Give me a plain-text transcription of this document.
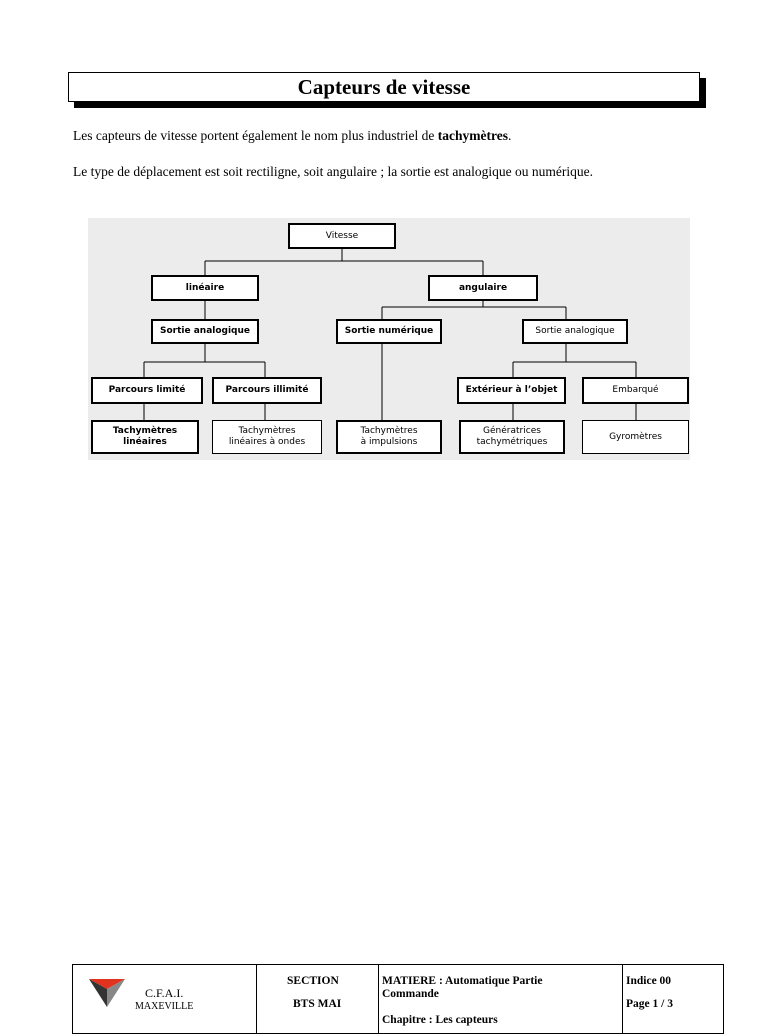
Capteurs de vitesse
Les capteurs de vitesse portent également le nom plus industriel de tachymètres.
Le type de déplacement est soit rectiligne, soit angulaire ; la sortie est analogique ou numérique.
Vitesse
linéaire	angulaire
Sortie analogique	Sortie numérique	Sortie analogique
Parcours limité	Parcours illimité	Extérieur à l’objet	Embarqué
Tachymètres
linéaires
Tachymètres
linéaires à ondes
Tachymètres
à impulsions
Génératrices
tachymétriques
Gyromètres
C.F.A.I.
MAXEVILLE
SECTION
BTS MAI
MATIERE : Automatique Partie
Commande
Chapitre : Les capteurs
Indice 00
Page 1 / 3
